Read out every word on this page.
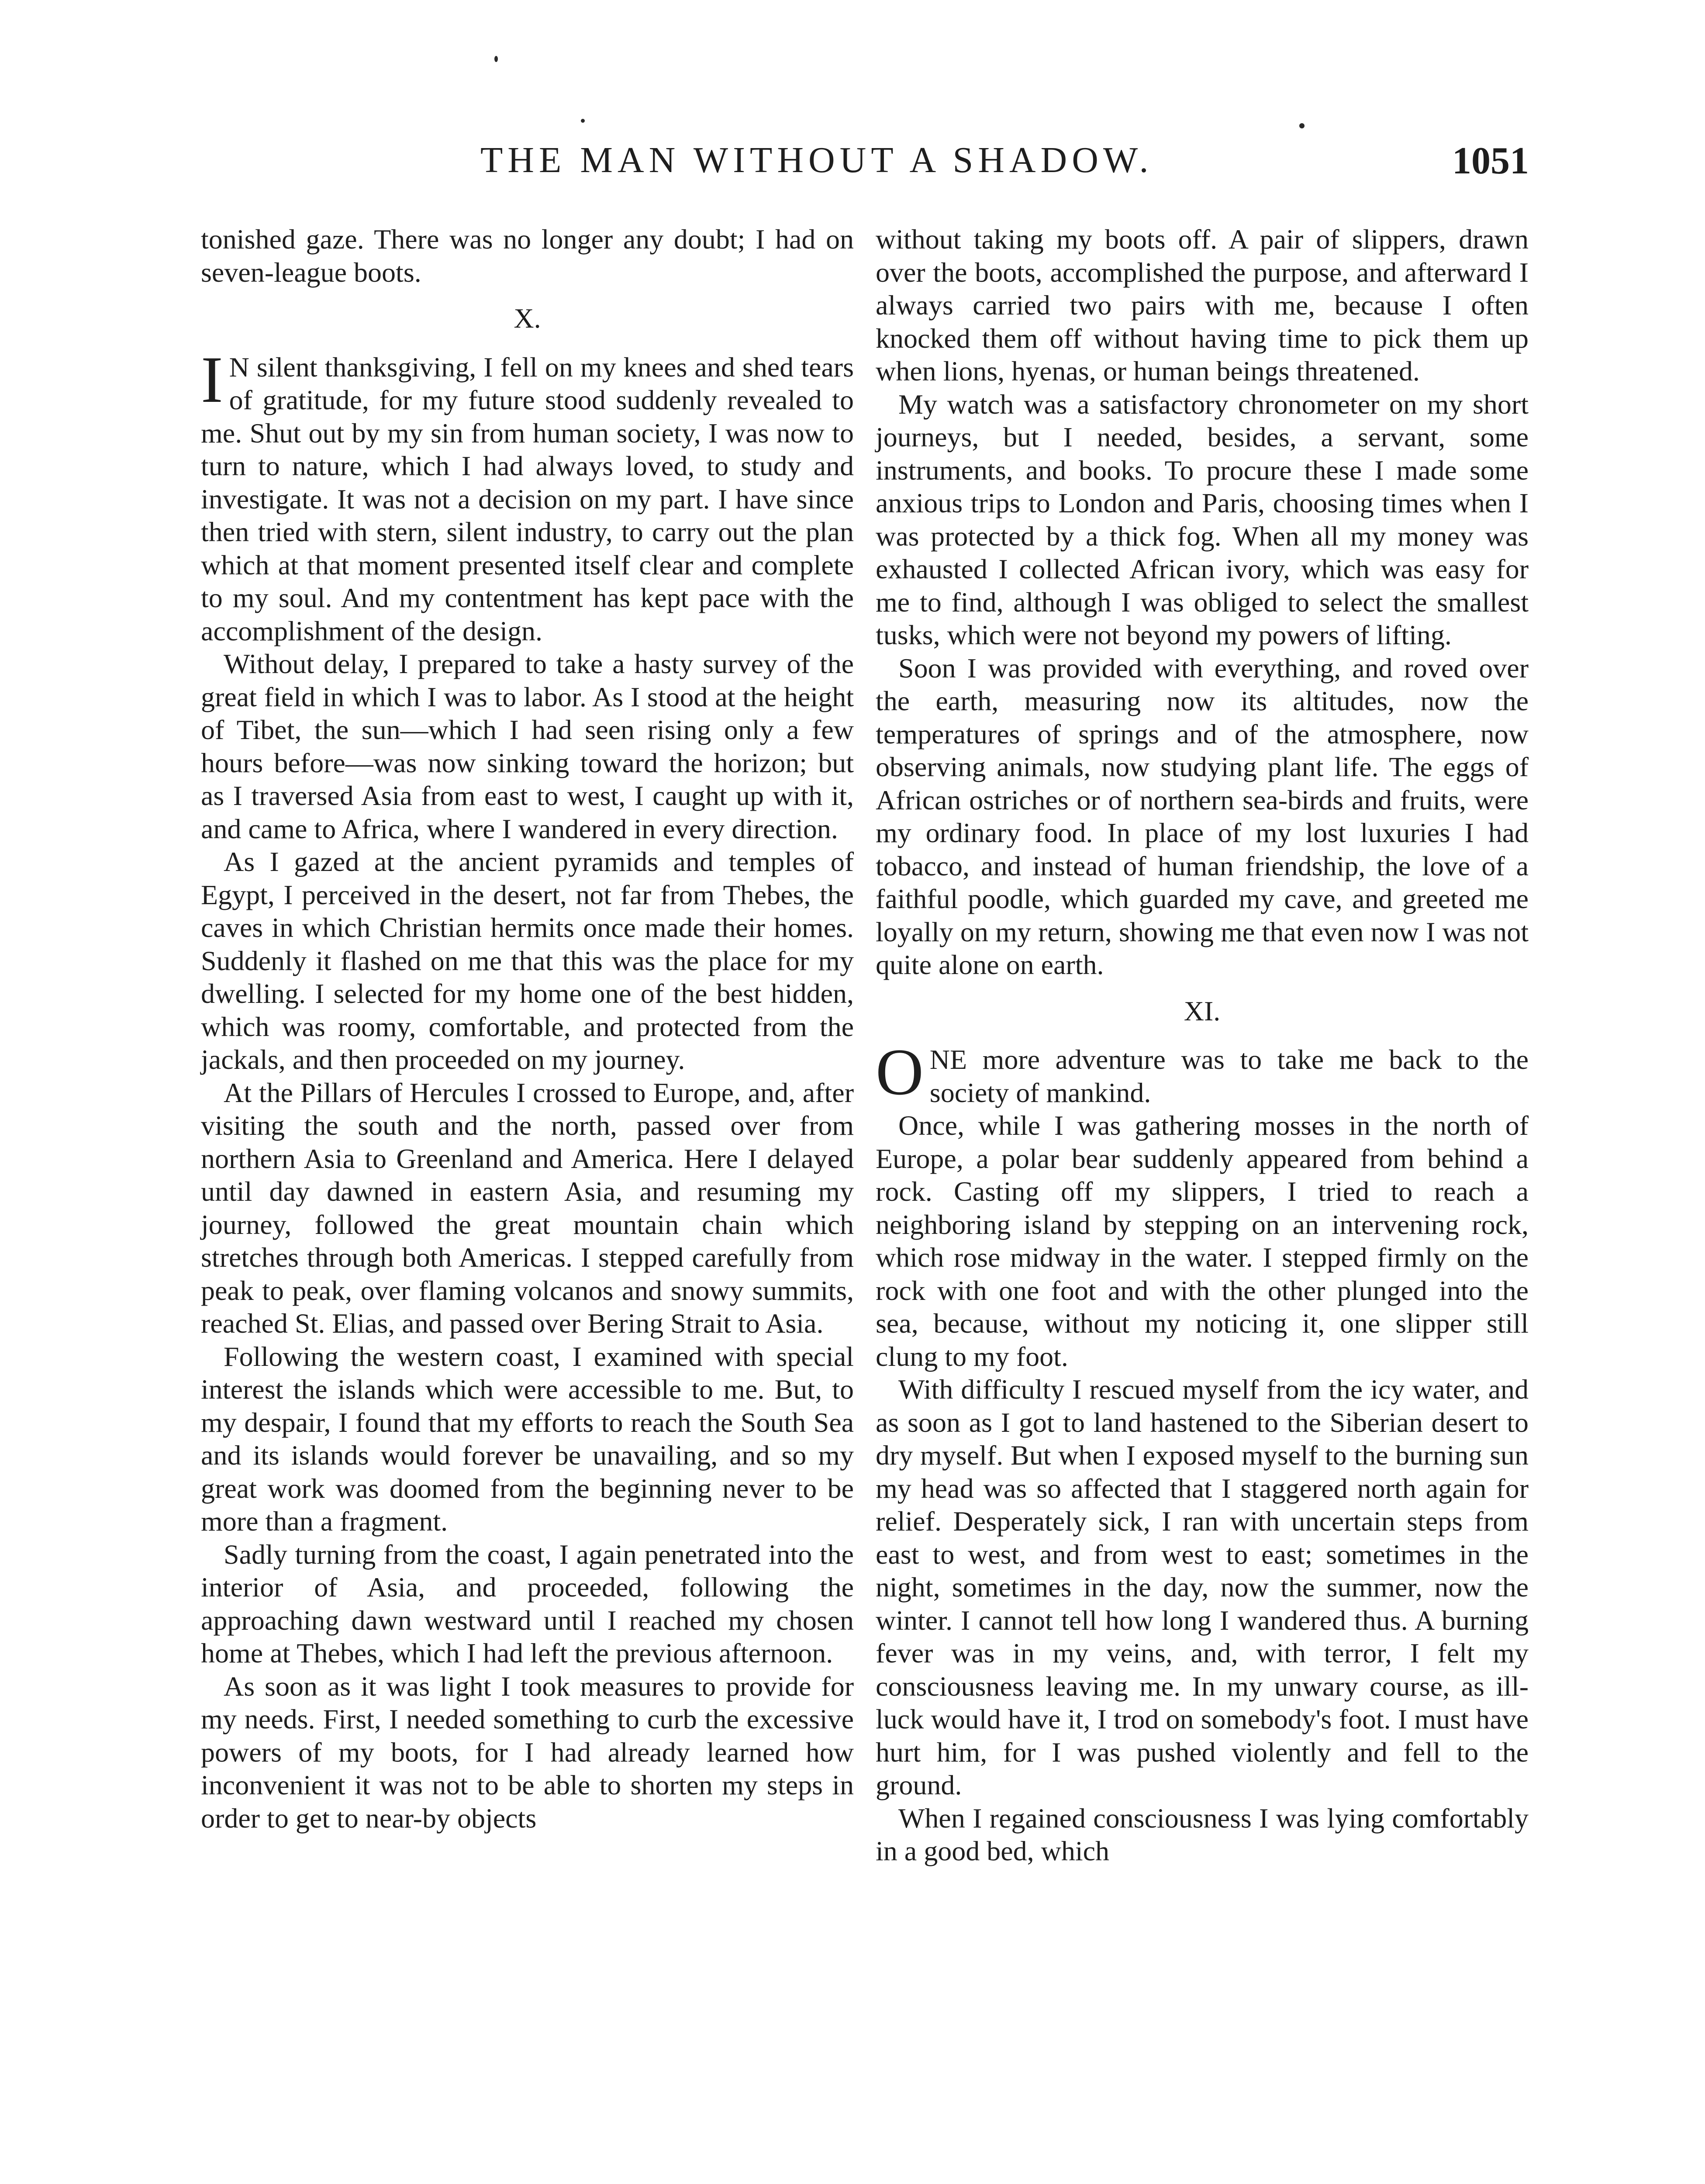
THE MAN WITHOUT A SHADOW.	1051

tonished gaze. There was no longer any doubt; I had on seven-league boots.

X.

I N silent thanksgiving, I fell on my knees and shed tears of gratitude, for my future stood suddenly revealed to me. Shut out by my sin from human society, I was now to turn to nature, which I had always loved, to study and investigate. It was not a decision on my part. I have since then tried with stern, silent industry, to carry out the plan which at that moment presented itself clear and complete to my soul. And my contentment has kept pace with the accomplishment of the design.

Without delay, I prepared to take a hasty survey of the great field in which I was to labor. As I stood at the height of Tibet, the sun—which I had seen rising only a few hours before—was now sinking toward the horizon; but as I traversed Asia from east to west, I caught up with it, and came to Africa, where I wandered in every direction.

As I gazed at the ancient pyramids and temples of Egypt, I perceived in the desert, not far from Thebes, the caves in which Christian hermits once made their homes. Suddenly it flashed on me that this was the place for my dwelling. I selected for my home one of the best hidden, which was roomy, comfortable, and protected from the jackals, and then proceeded on my journey.

At the Pillars of Hercules I crossed to Europe, and, after visiting the south and the north, passed over from northern Asia to Greenland and America. Here I delayed until day dawned in eastern Asia, and resuming my journey, followed the great mountain chain which stretches through both Americas. I stepped carefully from peak to peak, over flaming volcanos and snowy summits, reached St. Elias, and passed over Bering Strait to Asia.

Following the western coast, I examined with special interest the islands which were accessible to me. But, to my despair, I found that my efforts to reach the South Sea and its islands would forever be unavailing, and so my great work was doomed from the beginning never to be more than a fragment.

Sadly turning from the coast, I again penetrated into the interior of Asia, and proceeded, following the approaching dawn westward until I reached my chosen home at Thebes, which I had left the previous afternoon.

As soon as it was light I took measures to provide for my needs. First, I needed something to curb the excessive powers of my boots, for I had already learned how inconvenient it was not to be able to shorten my steps in order to get to near-by objects

without taking my boots off. A pair of slippers, drawn over the boots, accomplished the purpose, and afterward I always carried two pairs with me, because I often knocked them off without having time to pick them up when lions, hyenas, or human beings threatened.

My watch was a satisfactory chronometer on my short journeys, but I needed, besides, a servant, some instruments, and books. To procure these I made some anxious trips to London and Paris, choosing times when I was protected by a thick fog. When all my money was exhausted I collected African ivory, which was easy for me to find, although I was obliged to select the smallest tusks, which were not beyond my powers of lifting.

Soon I was provided with everything, and roved over the earth, measuring now its altitudes, now the temperatures of springs and of the atmosphere, now observing animals, now studying plant life. The eggs of African ostriches or of northern sea-birds and fruits, were my ordinary food. In place of my lost luxuries I had tobacco, and instead of human friendship, the love of a faithful poodle, which guarded my cave, and greeted me loyally on my return, showing me that even now I was not quite alone on earth.

XI.

ONE more adventure was to take me back to the society of mankind.

Once, while I was gathering mosses in the north of Europe, a polar bear suddenly appeared from behind a rock. Casting off my slippers, I tried to reach a neighboring island by stepping on an intervening rock, which rose midway in the water. I stepped firmly on the rock with one foot and with the other plunged into the sea, because, without my noticing it, one slipper still clung to my foot.

With difficulty I rescued myself from the icy water, and as soon as I got to land hastened to the Siberian desert to dry myself. But when I exposed myself to the burning sun my head was so affected that I staggered north again for relief. Desperately sick, I ran with uncertain steps from east to west, and from west to east; sometimes in the night, sometimes in the day, now the summer, now the winter. I cannot tell how long I wandered thus. A burning fever was in my veins, and, with terror, I felt my consciousness leaving me. In my unwary course, as ill-luck would have it, I trod on somebody's foot. I must have hurt him, for I was pushed violently and fell to the ground.

When I regained consciousness I was lying comfortably in a good bed, which
